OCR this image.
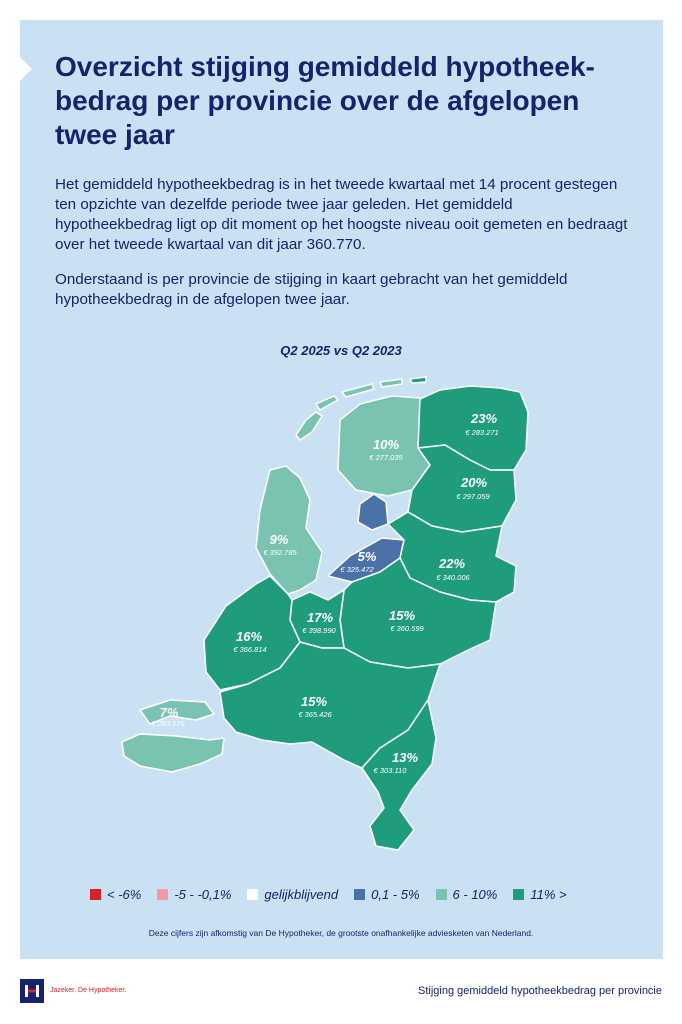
Overzicht stijging gemiddeld hypotheek-bedrag per provincie over de afgelopen twee jaar

Het gemiddeld hypotheekbedrag is in het tweede kwartaal met 14 procent gestegen ten opzichte van dezelfde periode twee jaar geleden. Het gemiddeld hypotheekbedrag ligt op dit moment op het hoogste niveau ooit gemeten en bedraagt over het tweede kwartaal van dit jaar 360.770.

Onderstaand is per provincie de stijging in kaart gebracht van het gemiddeld hypotheekbedrag in de afgelopen twee jaar.

Q2 2025 vs Q2 2023
23%
€ 283.271
10%
€ 277.035
20%
€ 297.059
22%
€ 340.006
5%
€ 325.472
9%
€ 392.785
15%
€ 360.599
17%
€ 398.990
16%
€ 366.814
7%
€ 283.176
15%
€ 365.426
13%
€ 303.110
< -6%	-5 - -0,1%	gelijkblijvend	0,1 - 5%	6 - 10%	11% >
Deze cijfers zijn afkomstig van De Hypotheker, de grootste onafhankelijke adviesketen van Nederland.
Jazeker. De Hypotheker.	Stijging gemiddeld hypotheekbedrag per provincie
